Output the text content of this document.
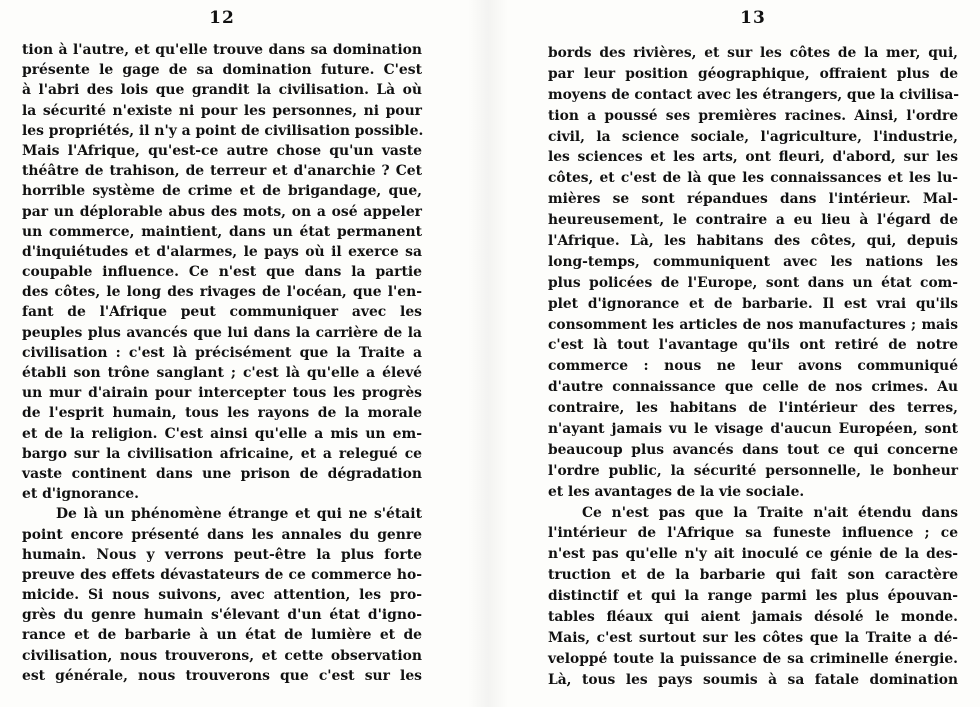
12
tion à l'autre, et qu'elle trouve dans sa domination
présente le gage de sa domination future. C'est
à l'abri des lois que grandit la civilisation. Là où
la sécurité n'existe ni pour les personnes, ni pour
les propriétés, il n'y a point de civilisation possible.
Mais l'Afrique, qu'est-ce autre chose qu'un vaste
théâtre de trahison, de terreur et d'anarchie ? Cet
horrible système de crime et de brigandage, que,
par un déplorable abus des mots, on a osé appeler
un commerce, maintient, dans un état permanent
d'inquiétudes et d'alarmes, le pays où il exerce sa
coupable influence. Ce n'est que dans la partie
des côtes, le long des rivages de l'océan, que l'en-
fant de l'Afrique peut communiquer avec les
peuples plus avancés que lui dans la carrière de la
civilisation : c'est là précisément que la Traite a
établi son trône sanglant ; c'est là qu'elle a élevé
un mur d'airain pour intercepter tous les progrès
de l'esprit humain, tous les rayons de la morale
et de la religion. C'est ainsi qu'elle a mis un em-
bargo sur la civilisation africaine, et a relegué ce
vaste continent dans une prison de dégradation
et d'ignorance.
De là un phénomène étrange et qui ne s'était
point encore présenté dans les annales du genre
humain. Nous y verrons peut-être la plus forte
preuve des effets dévastateurs de ce commerce ho-
micide. Si nous suivons, avec attention, les pro-
grès du genre humain s'élevant d'un état d'igno-
rance et de barbarie à un état de lumière et de
civilisation, nous trouverons, et cette observation
est générale, nous trouverons que c'est sur les
13
bords des rivières, et sur les côtes de la mer, qui,
par leur position géographique, offraient plus de
moyens de contact avec les étrangers, que la civilisa-
tion a poussé ses premières racines. Ainsi, l'ordre
civil, la science sociale, l'agriculture, l'industrie,
les sciences et les arts, ont fleuri, d'abord, sur les
côtes, et c'est de là que les connaissances et les lu-
mières se sont répandues dans l'intérieur. Mal-
heureusement, le contraire a eu lieu à l'égard de
l'Afrique. Là, les habitans des côtes, qui, depuis
long-temps, communiquent avec les nations les
plus policées de l'Europe, sont dans un état com-
plet d'ignorance et de barbarie. Il est vrai qu'ils
consomment les articles de nos manufactures ; mais
c'est là tout l'avantage qu'ils ont retiré de notre
commerce : nous ne leur avons communiqué
d'autre connaissance que celle de nos crimes. Au
contraire, les habitans de l'intérieur des terres,
n'ayant jamais vu le visage d'aucun Européen, sont
beaucoup plus avancés dans tout ce qui concerne
l'ordre public, la sécurité personnelle, le bonheur
et les avantages de la vie sociale.
Ce n'est pas que la Traite n'ait étendu dans
l'intérieur de l'Afrique sa funeste influence ; ce
n'est pas qu'elle n'y ait inoculé ce génie de la des-
truction et de la barbarie qui fait son caractère
distinctif et qui la range parmi les plus épouvan-
tables fléaux qui aient jamais désolé le monde.
Mais, c'est surtout sur les côtes que la Traite a dé-
veloppé toute la puissance de sa criminelle énergie.
Là, tous les pays soumis à sa fatale domination
